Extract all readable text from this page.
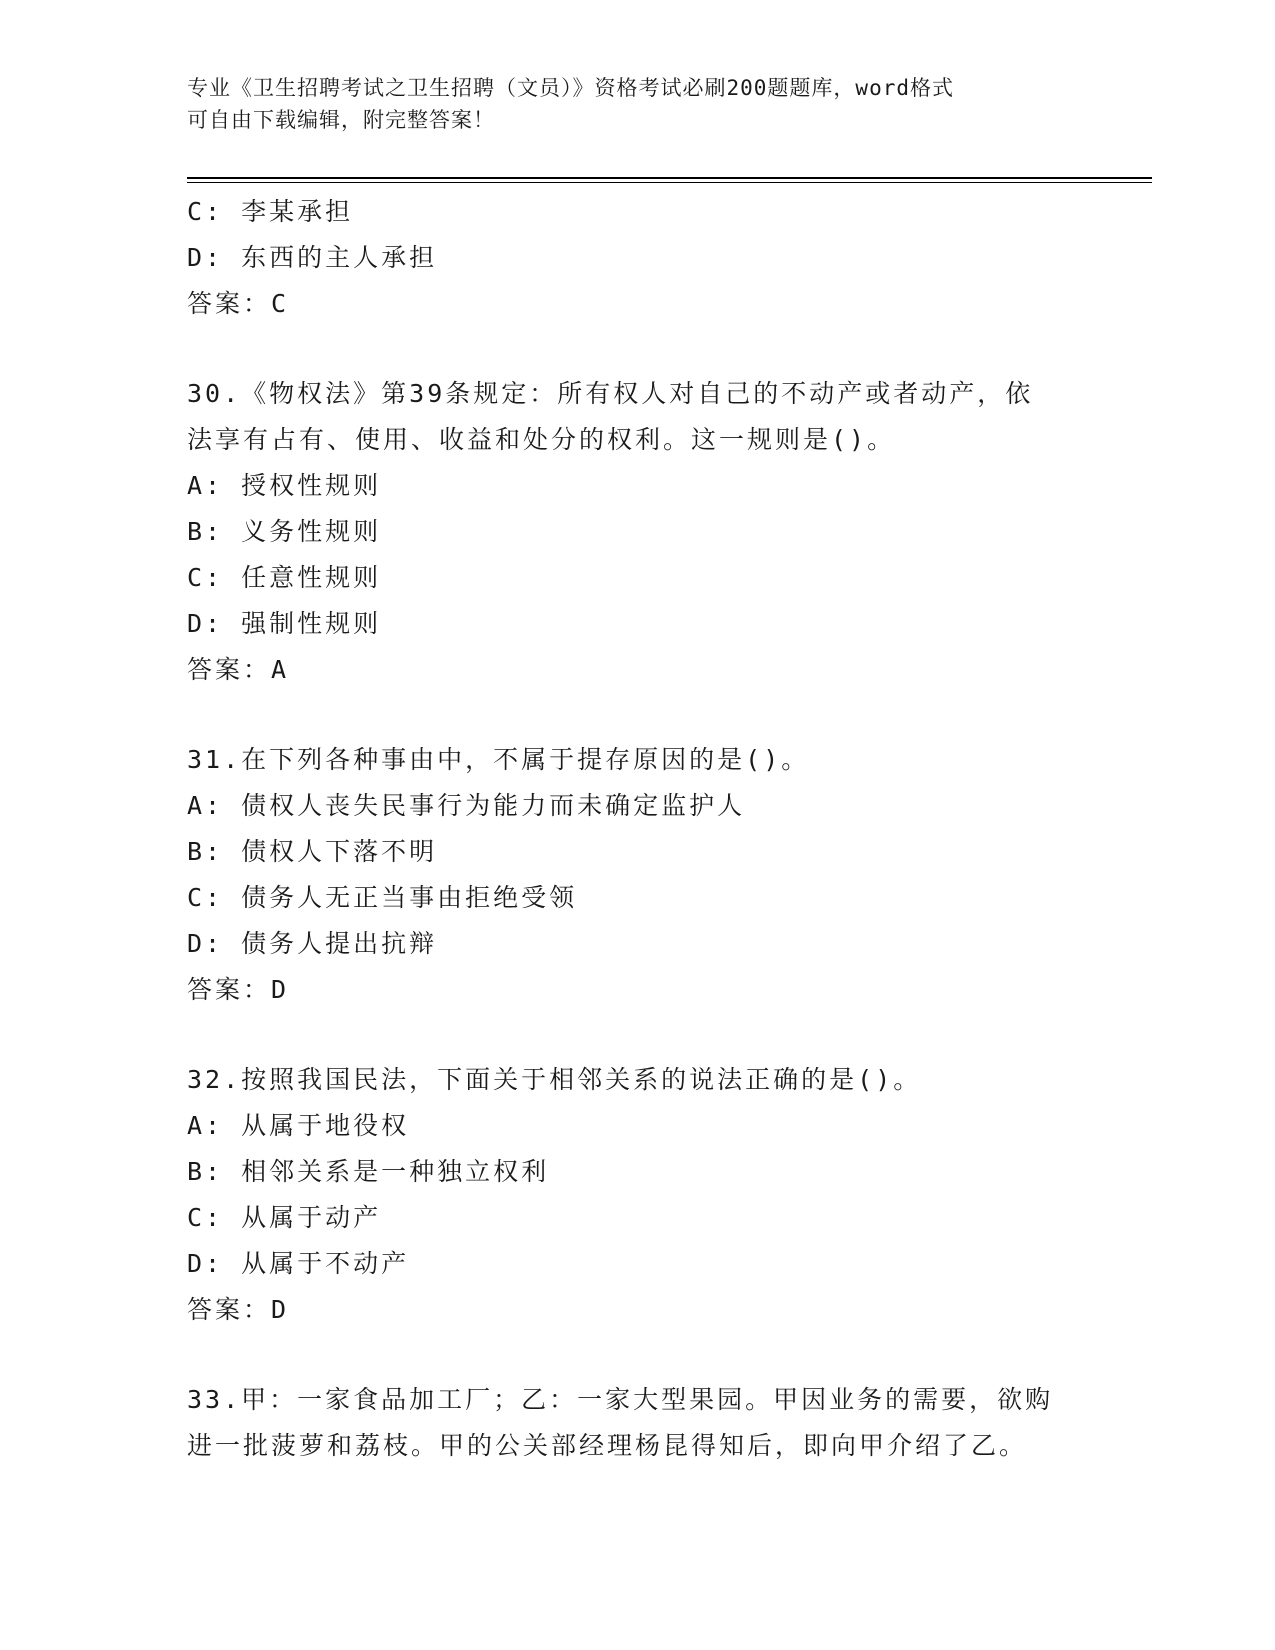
专业《卫生招聘考试之卫生招聘（文员）》资格考试必刷200题题库，word格式
可自由下载编辑，附完整答案！
C: 李某承担
D: 东西的主人承担
答案：C
30.《物权法》第39条规定：所有权人对自己的不动产或者动产，依
法享有占有、使用、收益和处分的权利。这一规则是()。
A: 授权性规则
B: 义务性规则
C: 任意性规则
D: 强制性规则
答案：A
31.在下列各种事由中，不属于提存原因的是()。
A: 债权人丧失民事行为能力而未确定监护人
B: 债权人下落不明
C: 债务人无正当事由拒绝受领
D: 债务人提出抗辩
答案：D
32.按照我国民法，下面关于相邻关系的说法正确的是()。
A: 从属于地役权
B: 相邻关系是一种独立权利
C: 从属于动产
D: 从属于不动产
答案：D
33.甲：一家食品加工厂；乙：一家大型果园。甲因业务的需要，欲购
进一批菠萝和荔枝。甲的公关部经理杨昆得知后，即向甲介绍了乙。
